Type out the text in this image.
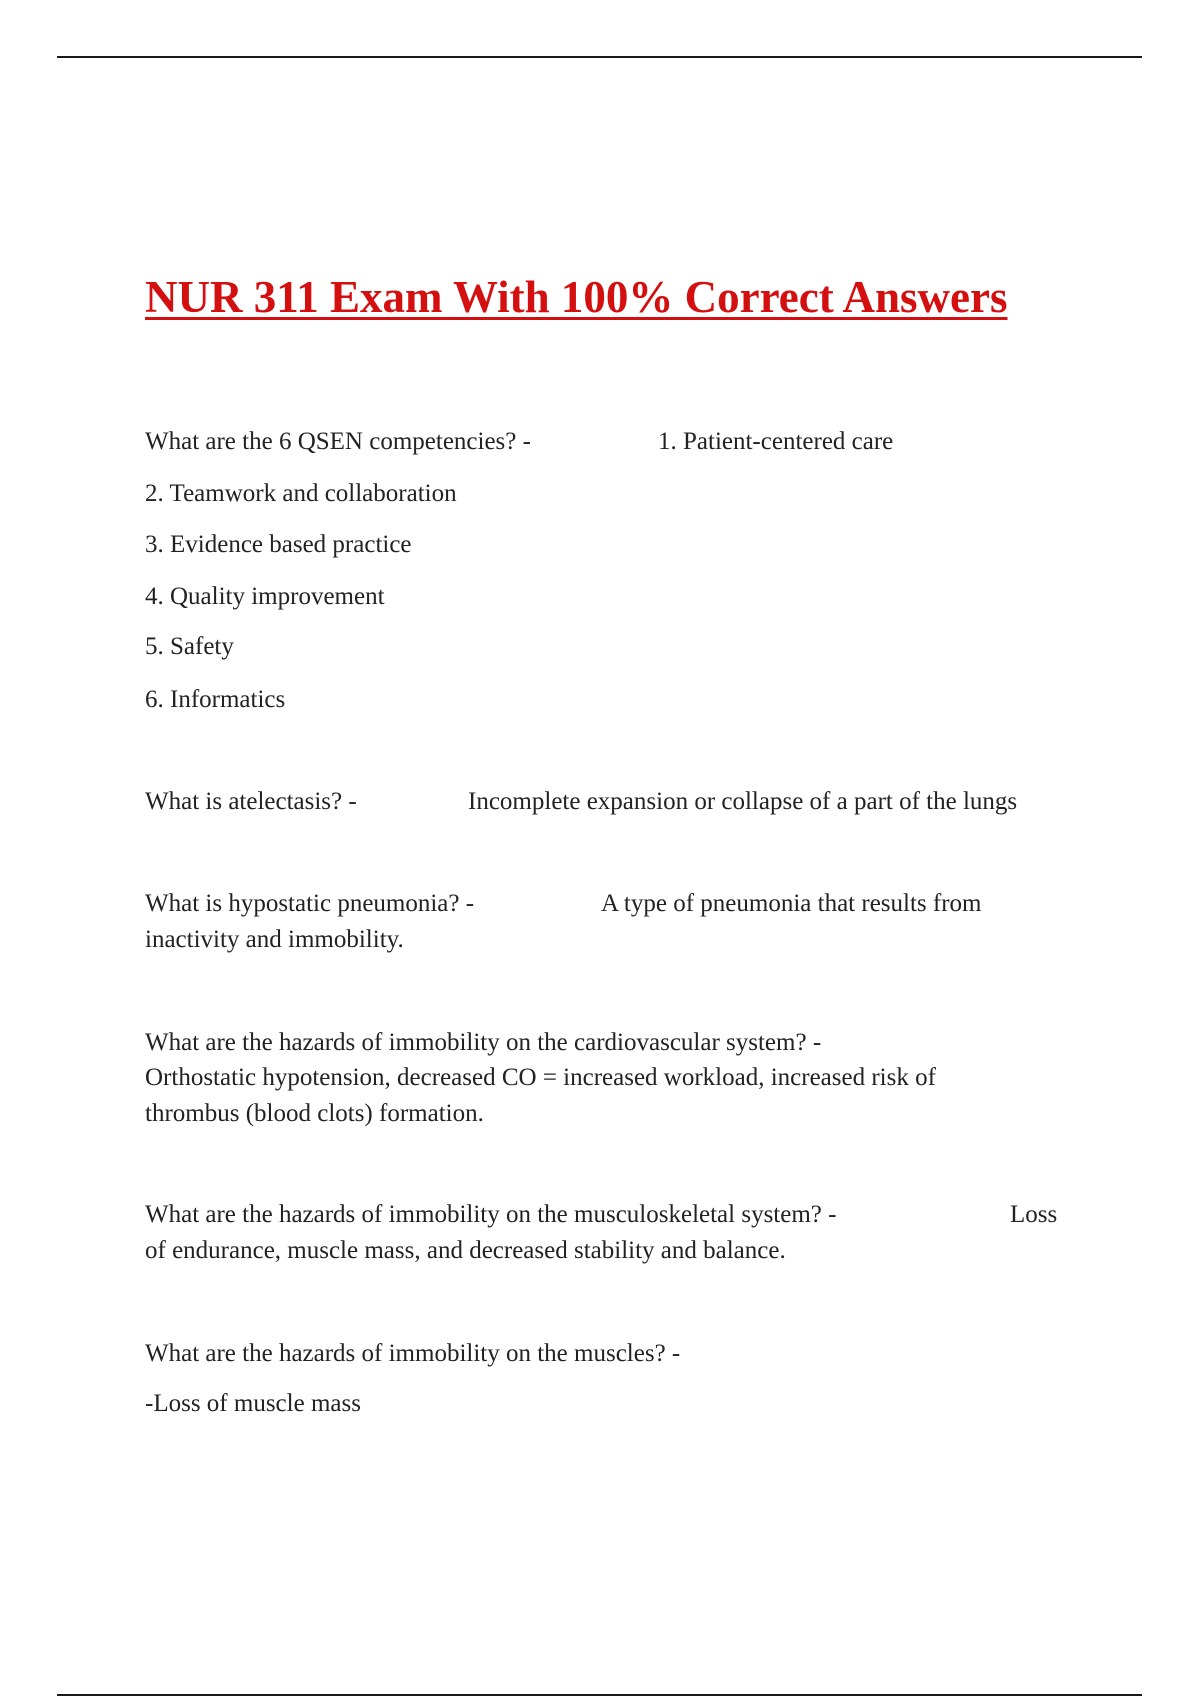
NUR 311 Exam With 100% Correct Answers
What are the 6 QSEN competencies? -	1. Patient-centered care
2. Teamwork and collaboration
3. Evidence based practice
4. Quality improvement
5. Safety
6. Informatics
What is atelectasis? -	Incomplete expansion or collapse of a part of the lungs
What is hypostatic pneumonia? -	A type of pneumonia that results from
inactivity and immobility.
What are the hazards of immobility on the cardiovascular system? -
Orthostatic hypotension, decreased CO = increased workload, increased risk of
thrombus (blood clots) formation.
What are the hazards of immobility on the musculoskeletal system? -	Loss
of endurance, muscle mass, and decreased stability and balance.
What are the hazards of immobility on the muscles? -
-Loss of muscle mass
